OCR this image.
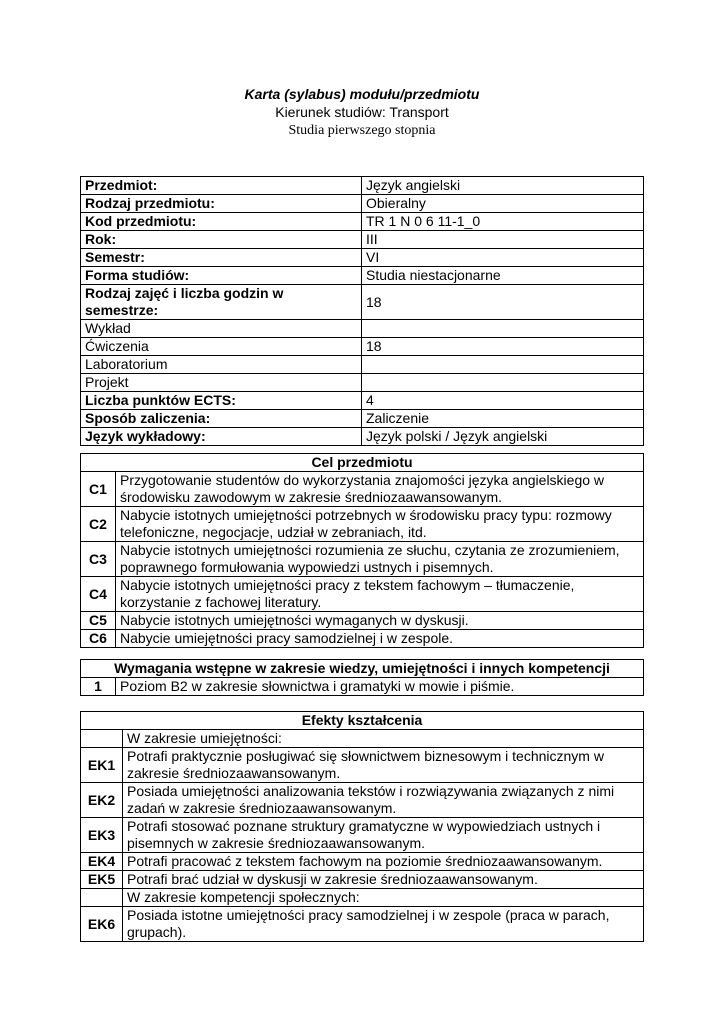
Karta (sylabus) modułu/przedmiotu
Kierunek studiów: Transport
Studia pierwszego stopnia
Przedmiot:	Język angielski
Rodzaj przedmiotu:	Obieralny
Kod przedmiotu:	TR 1 N 0 6 11-1_0
Rok:	III
Semestr:	VI
Forma studiów:	Studia niestacjonarne
Rodzaj zajęć i liczba godzin w semestrze:	18
Wykład	
Ćwiczenia	18
Laboratorium	
Projekt	
Liczba punktów ECTS:	4
Sposób zaliczenia:	Zaliczenie
Język wykładowy:	Język polski / Język angielski
Cel przedmiotu	
C1	Przygotowanie studentów do wykorzystania znajomości języka angielskiego w środowisku zawodowym w zakresie średniozaawansowanym.
C2	Nabycie istotnych umiejętności potrzebnych w środowisku pracy typu: rozmowy telefoniczne, negocjacje, udział w zebraniach, itd.
C3	Nabycie istotnych umiejętności rozumienia ze słuchu, czytania ze zrozumieniem, poprawnego formułowania wypowiedzi ustnych i pisemnych.
C4	Nabycie istotnych umiejętności pracy z tekstem fachowym – tłumaczenie, korzystanie z fachowej literatury.
C5	Nabycie istotnych umiejętności wymaganych w dyskusji.
C6	Nabycie umiejętności pracy samodzielnej i w zespole.
Wymagania wstępne w zakresie wiedzy, umiejętności i innych kompetencji
1	Poziom B2 w zakresie słownictwa i gramatyki w mowie i piśmie.
Efekty kształcenia	
	W zakresie umiejętności:
EK1	Potrafi praktycznie posługiwać się słownictwem biznesowym i technicznym w zakresie średniozaawansowanym.
EK2	Posiada umiejętności analizowania tekstów i rozwiązywania związanych z nimi zadań w zakresie średniozaawansowanym.
EK3	Potrafi stosować poznane struktury gramatyczne w wypowiedziach ustnych i pisemnych w zakresie średniozaawansowanym.
EK4	Potrafi pracować z tekstem fachowym na poziomie średniozaawansowanym.
EK5	Potrafi brać udział w dyskusji w zakresie średniozaawansowanym.
	W zakresie kompetencji społecznych:
EK6	Posiada istotne umiejętności pracy samodzielnej i w zespole (praca w parach, grupach).
